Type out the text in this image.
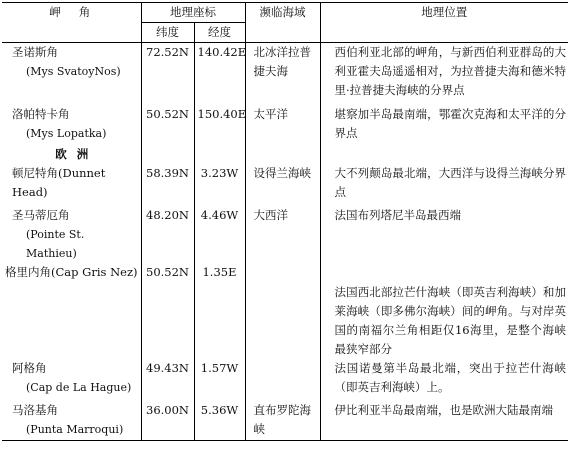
岬角	地理座标		濒临海域	地理位置
	纬度	经度		
圣诺斯角
(Mys SvatoyNos)	72.52N	140.42E	北冰洋拉普捷夫海	西伯利亚北部的岬角，与新西伯利亚群岛的大利亚霍夫岛遥遥相对，为拉普捷夫海和德米特里·拉普捷夫海峡的分界点
洛帕特卡角
(Mys Lopatka)	50.52N	150.40E	太平洋	堪察加半岛最南端，鄂霍次克海和太平洋的分界点
欧洲				
顿尼特角(Dunnet Head)	58.39N	3.23W	设得兰海峡	大不列颠岛最北端，大西洋与设得兰海峡分界点
圣马蒂厄角
(Pointe St. Mathieu)	48.20N	4.46W	大西洋	法国布列塔尼半岛最西端
格里内角(Cap Gris Nez)	50.52N	1.35E		法国西北部拉芒什海峡（即英吉利海峡）和加莱海峡（即多佛尔海峡）间的岬角。与对岸英国的南福尔兰角相距仅16海里，是整个海峡最狭窄部分
阿格角
(Cap de La Hague)	49.43N	1.57W		法国诺曼第半岛最北端，突出于拉芒什海峡（即英吉利海峡）上。
马洛基角
(Punta Marroqui)	36.00N	5.36W	直布罗陀海峡	伊比利亚半岛最南端，也是欧洲大陆最南端
